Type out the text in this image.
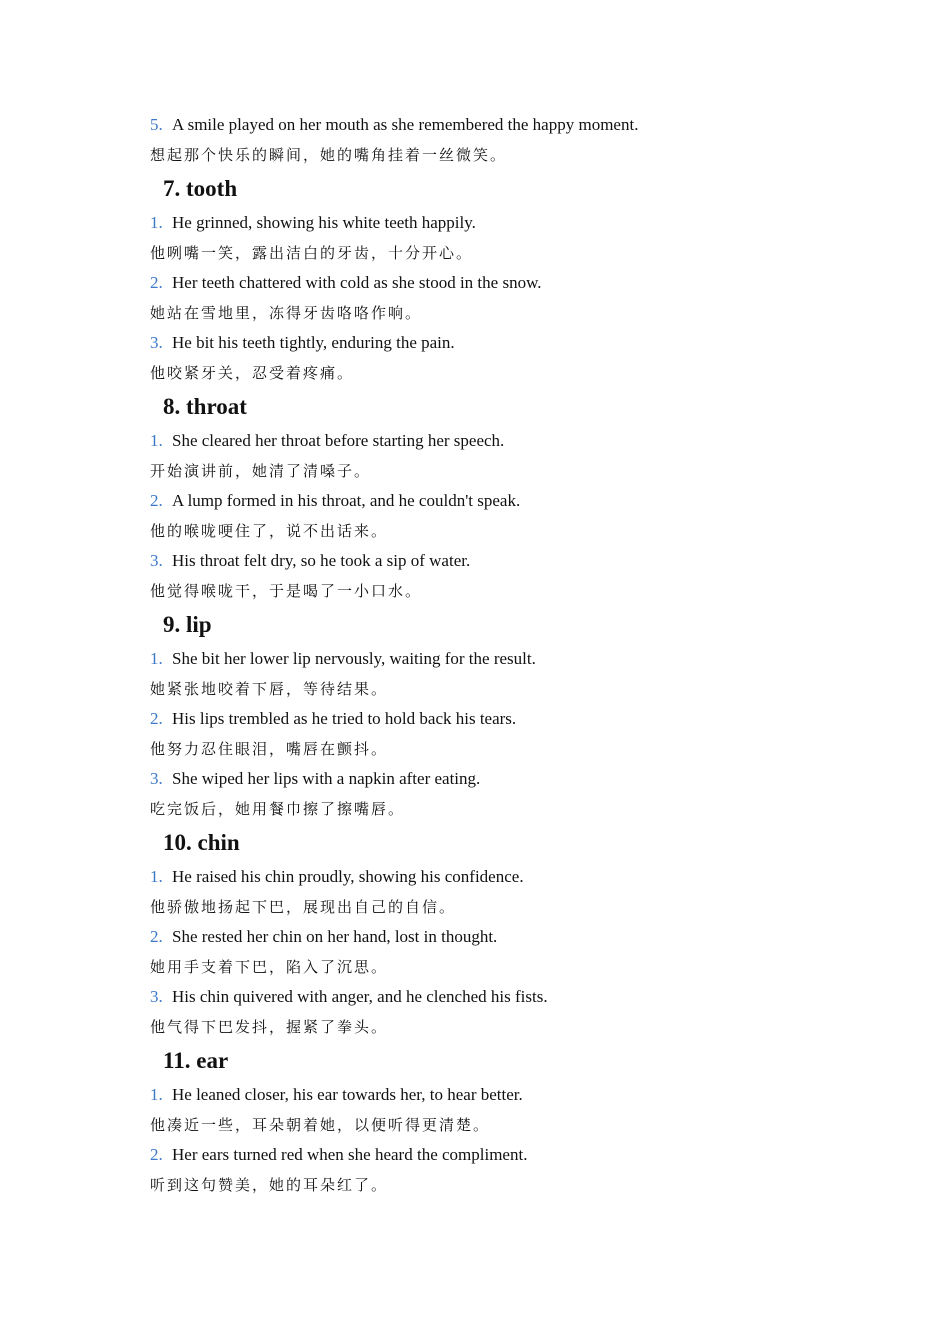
5. A smile played on her mouth as she remembered the happy moment.
想起那个快乐的瞬间，她的嘴角挂着一丝微笑。
7. tooth
1. He grinned, showing his white teeth happily.
他咧嘴一笑，露出洁白的牙齿，十分开心。
2. Her teeth chattered with cold as she stood in the snow.
她站在雪地里，冻得牙齿咯咯作响。
3. He bit his teeth tightly, enduring the pain.
他咬紧牙关，忍受着疼痛。
8. throat
1. She cleared her throat before starting her speech.
开始演讲前，她清了清嗓子。
2. A lump formed in his throat, and he couldn't speak.
他的喉咙哽住了，说不出话来。
3. His throat felt dry, so he took a sip of water.
他觉得喉咙干，于是喝了一小口水。
9. lip
1. She bit her lower lip nervously, waiting for the result.
她紧张地咬着下唇，等待结果。
2. His lips trembled as he tried to hold back his tears.
他努力忍住眼泪，嘴唇在颤抖。
3. She wiped her lips with a napkin after eating.
吃完饭后，她用餐巾擦了擦嘴唇。
10. chin
1. He raised his chin proudly, showing his confidence.
他骄傲地扬起下巴，展现出自己的自信。
2. She rested her chin on her hand, lost in thought.
她用手支着下巴，陷入了沉思。
3. His chin quivered with anger, and he clenched his fists.
他气得下巴发抖，握紧了拳头。
11. ear
1. He leaned closer, his ear towards her, to hear better.
他凑近一些，耳朵朝着她，以便听得更清楚。
2. Her ears turned red when she heard the compliment.
听到这句赞美，她的耳朵红了。
